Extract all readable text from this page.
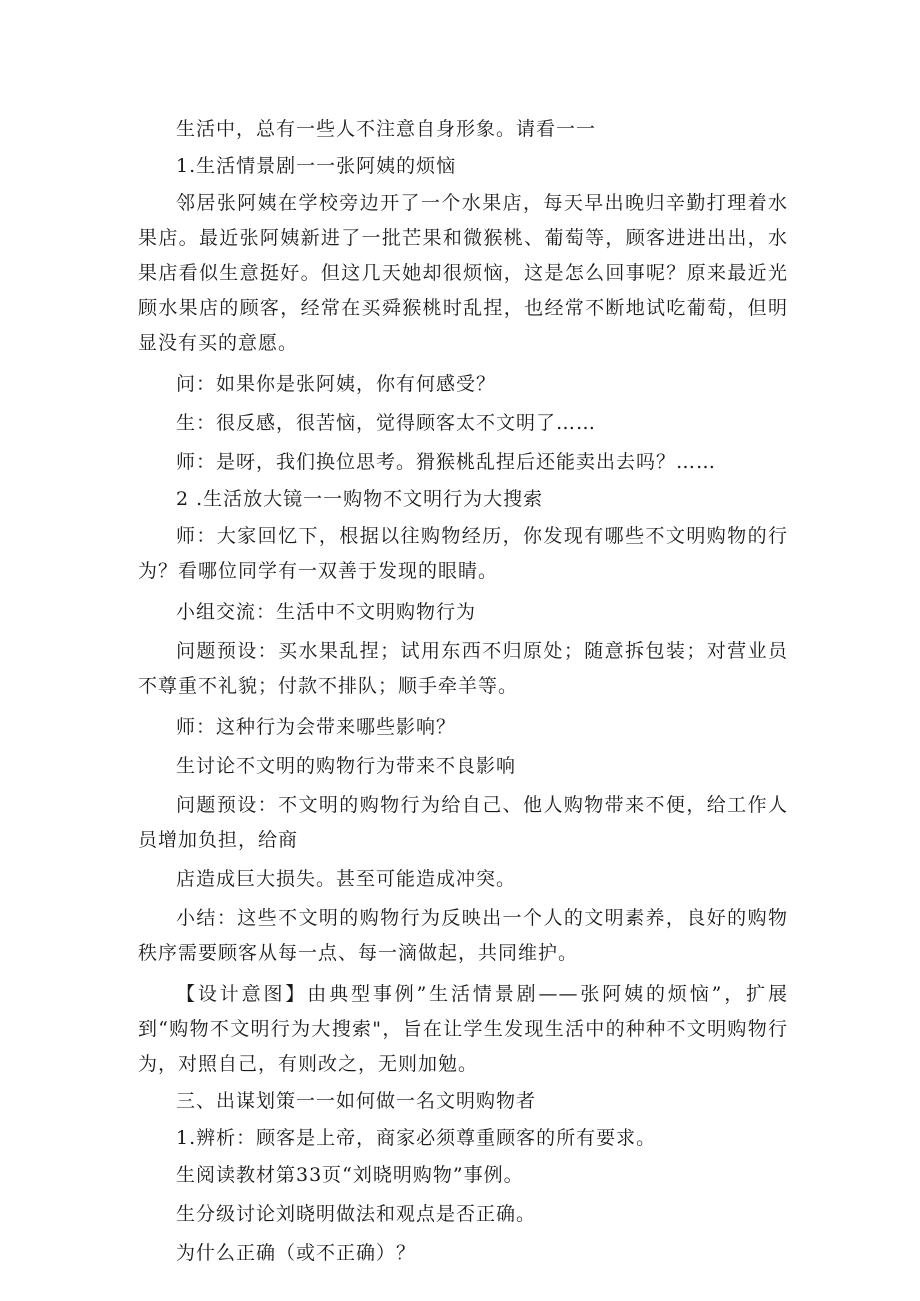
生活中，总有一些人不注意自身形象。请看一一

1.生活情景剧一一张阿姨的烦恼

邻居张阿姨在学校旁边开了一个水果店，每天早出晚归辛勤打理着水果店。最近张阿姨新进了一批芒果和微猴桃、葡萄等，顾客进进出出，水果店看似生意挺好。但这几天她却很烦恼，这是怎么回事呢？原来最近光顾水果店的顾客，经常在买舜猴桃时乱捏，也经常不断地试吃葡萄，但明显没有买的意愿。

问：如果你是张阿姨，你有何感受？

生：很反感，很苦恼，觉得顾客太不文明了……

师：是呀，我们换位思考。猾猴桃乱捏后还能卖出去吗？……

2 .生活放大镜一一购物不文明行为大搜索

师：大家回忆下，根据以往购物经历，你发现有哪些不文明购物的行为？看哪位同学有一双善于发现的眼睛。

小组交流：生活中不文明购物行为

问题预设：买水果乱捏；试用东西不归原处；随意拆包装；对营业员不尊重不礼貌；付款不排队；顺手牵羊等。

师：这种行为会带来哪些影响？

生讨论不文明的购物行为带来不良影响

问题预设：不文明的购物行为给自己、他人购物带来不便，给工作人员增加负担，给商

店造成巨大损失。甚至可能造成冲突。

小结：这些不文明的购物行为反映出一个人的文明素养，良好的购物秩序需要顾客从每一点、每一滴做起，共同维护。

【设计意图】由典型事例”生活情景剧——张阿姨的烦恼”，扩展到“购物不文明行为大搜索"，旨在让学生发现生活中的种种不文明购物行为，对照自己，有则改之，无则加勉。

三、出谋划策一一如何做一名文明购物者

1.辨析：顾客是上帝，商家必须尊重顾客的所有要求。

生阅读教材第33页“刘晓明购物”事例。

生分级讨论刘晓明做法和观点是否正确。

为什么正确（或不正确）？
